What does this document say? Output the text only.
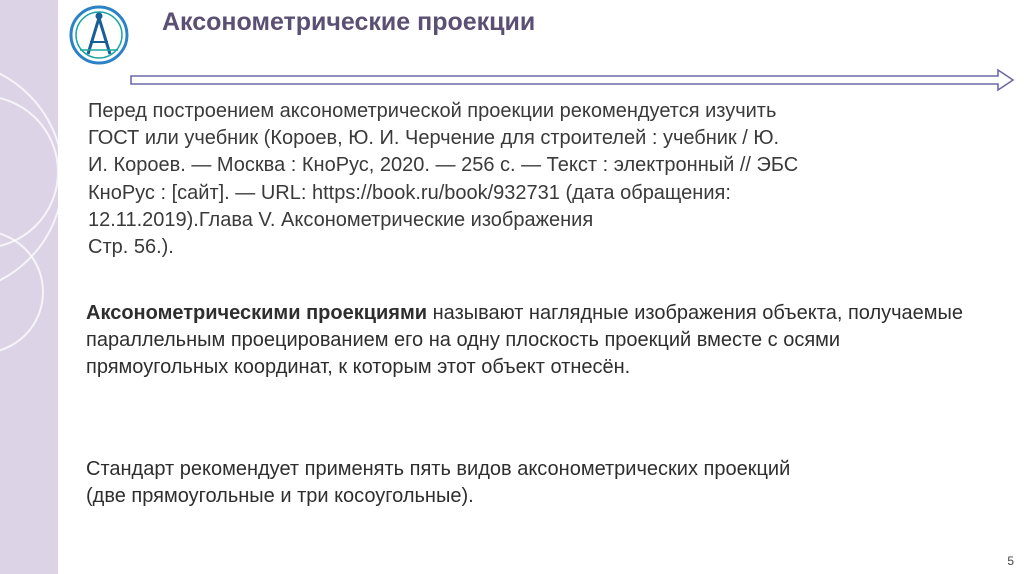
Аксонометрические проекции

Перед построением аксонометрической проекции рекомендуется изучить
ГОСТ или учебник (Короев, Ю. И. Черчение для строителей : учебник / Ю.
И. Короев. — Москва : КноРус, 2020. — 256 с. — Текст : электронный // ЭБС
КноРус : [сайт]. — URL: https://book.ru/book/932731 (дата обращения:
12.11.2019).Глава V. Аксонометрические изображения
Стр. 56.).

Аксонометрическими проекциями называют наглядные изображения объекта, получаемые параллельным проецированием его на одну плоскость проекций вместе с осями прямоугольных координат, к которым этот объект отнесён.

Стандарт рекомендует применять пять видов аксонометрических проекций
(две прямоугольные и три косоугольные).

5
